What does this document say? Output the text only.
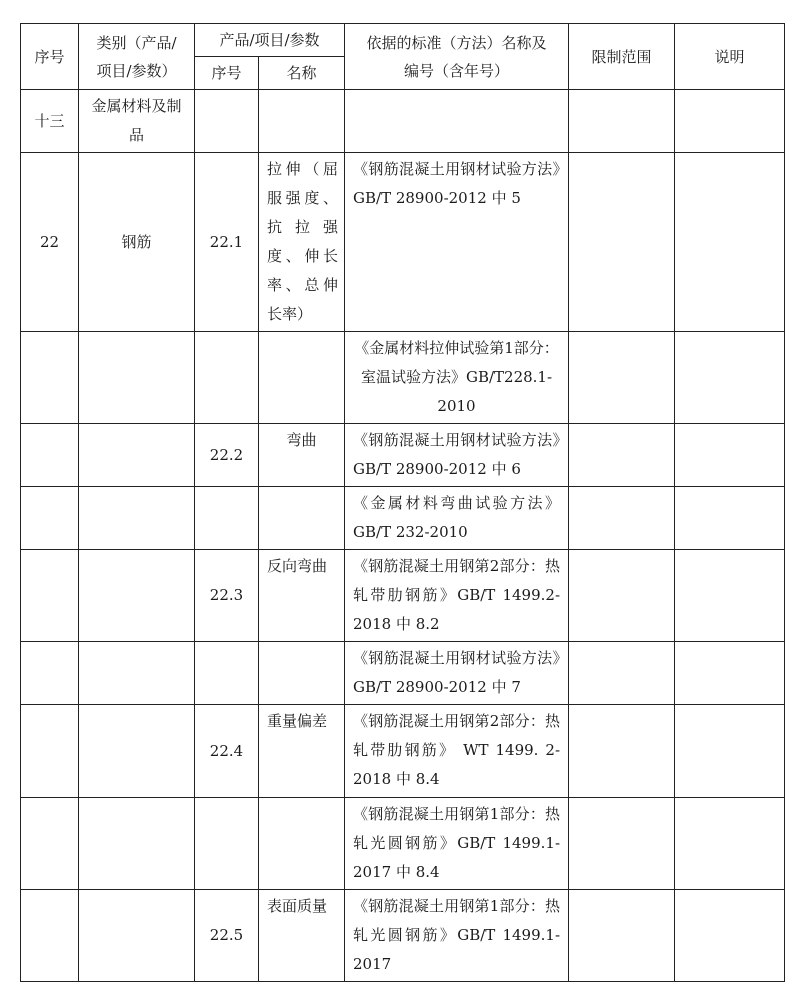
序号	类别（产品/项目/参数）	产品/项目/参数		依据的标准（方法）名称及编号（含年号）	限制范围	说明
		序号	名称			
十三	金属材料及制品					
22	钢筋	22.1	拉伸（屈服强度、抗拉强度、伸长率、总伸长率）	《钢筋混凝土用钢材试验方法》GB/T 28900-2012 中 5		
				《金属材料拉伸试验第1部分：室温试验方法》GB/T228.1-2010		
		22.2	弯曲	《钢筋混凝土用钢材试验方法》GB/T 28900-2012 中 6		
				《金属材料弯曲试验方法》GB/T 232-2010		
		22.3	反向弯曲	《钢筋混凝土用钢第2部分：热轧带肋钢筋》GB/T 1499.2-2018 中 8.2		
				《钢筋混凝土用钢材试验方法》GB/T 28900-2012 中 7		
		22.4	重量偏差	《钢筋混凝土用钢第2部分：热轧带肋钢筋》 WT 1499. 2-2018 中 8.4		
				《钢筋混凝土用钢第1部分：热轧光圆钢筋》GB/T 1499.1-2017 中 8.4		
		22.5	表面质量	《钢筋混凝土用钢第1部分：热轧光圆钢筋》GB/T 1499.1-2017		
